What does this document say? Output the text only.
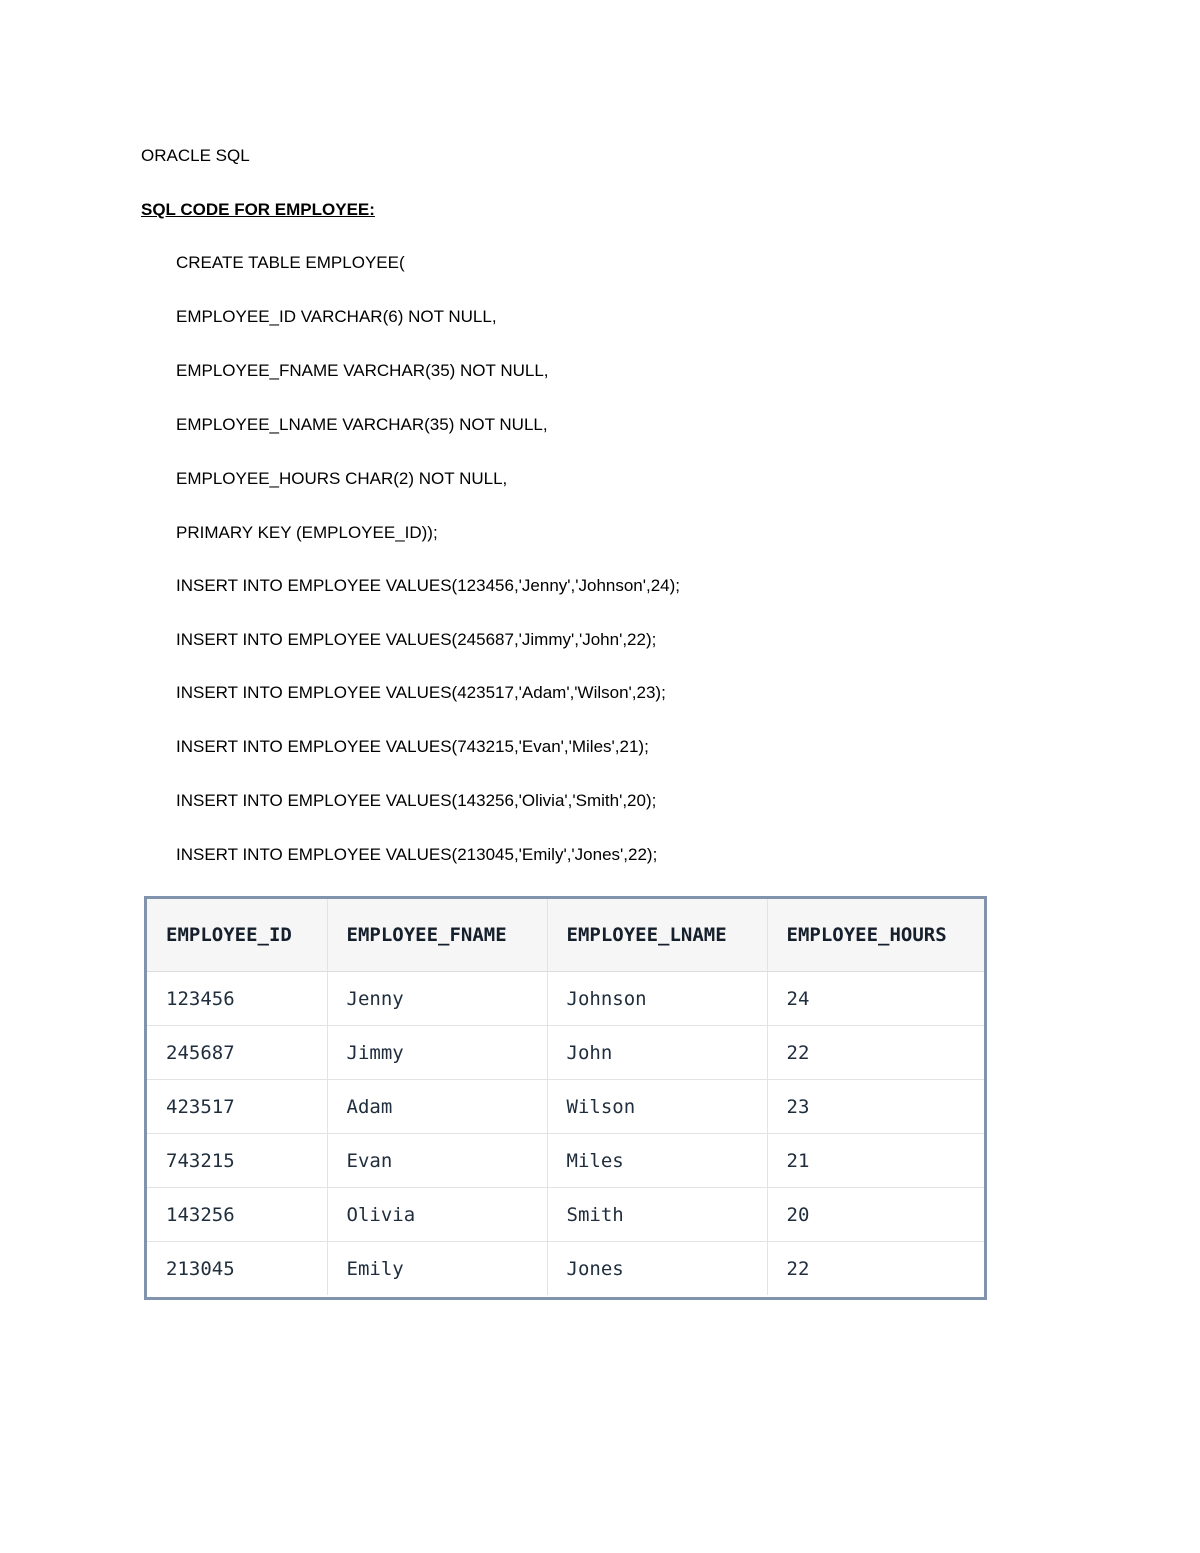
ORACLE SQL

SQL CODE FOR EMPLOYEE:

CREATE TABLE EMPLOYEE(

EMPLOYEE_ID VARCHAR(6) NOT NULL,

EMPLOYEE_FNAME VARCHAR(35) NOT NULL,

EMPLOYEE_LNAME VARCHAR(35) NOT NULL,

EMPLOYEE_HOURS CHAR(2) NOT NULL,

PRIMARY KEY (EMPLOYEE_ID));

INSERT INTO EMPLOYEE VALUES(123456,'Jenny','Johnson',24);

INSERT INTO EMPLOYEE VALUES(245687,'Jimmy','John',22);

INSERT INTO EMPLOYEE VALUES(423517,'Adam','Wilson',23);

INSERT INTO EMPLOYEE VALUES(743215,'Evan','Miles',21);

INSERT INTO EMPLOYEE VALUES(143256,'Olivia','Smith',20);

INSERT INTO EMPLOYEE VALUES(213045,'Emily','Jones',22);

EMPLOYEE_ID	EMPLOYEE_FNAME	EMPLOYEE_LNAME	EMPLOYEE_HOURS
123456	Jenny	Johnson	24
245687	Jimmy	John	22
423517	Adam	Wilson	23
743215	Evan	Miles	21
143256	Olivia	Smith	20
213045	Emily	Jones	22
